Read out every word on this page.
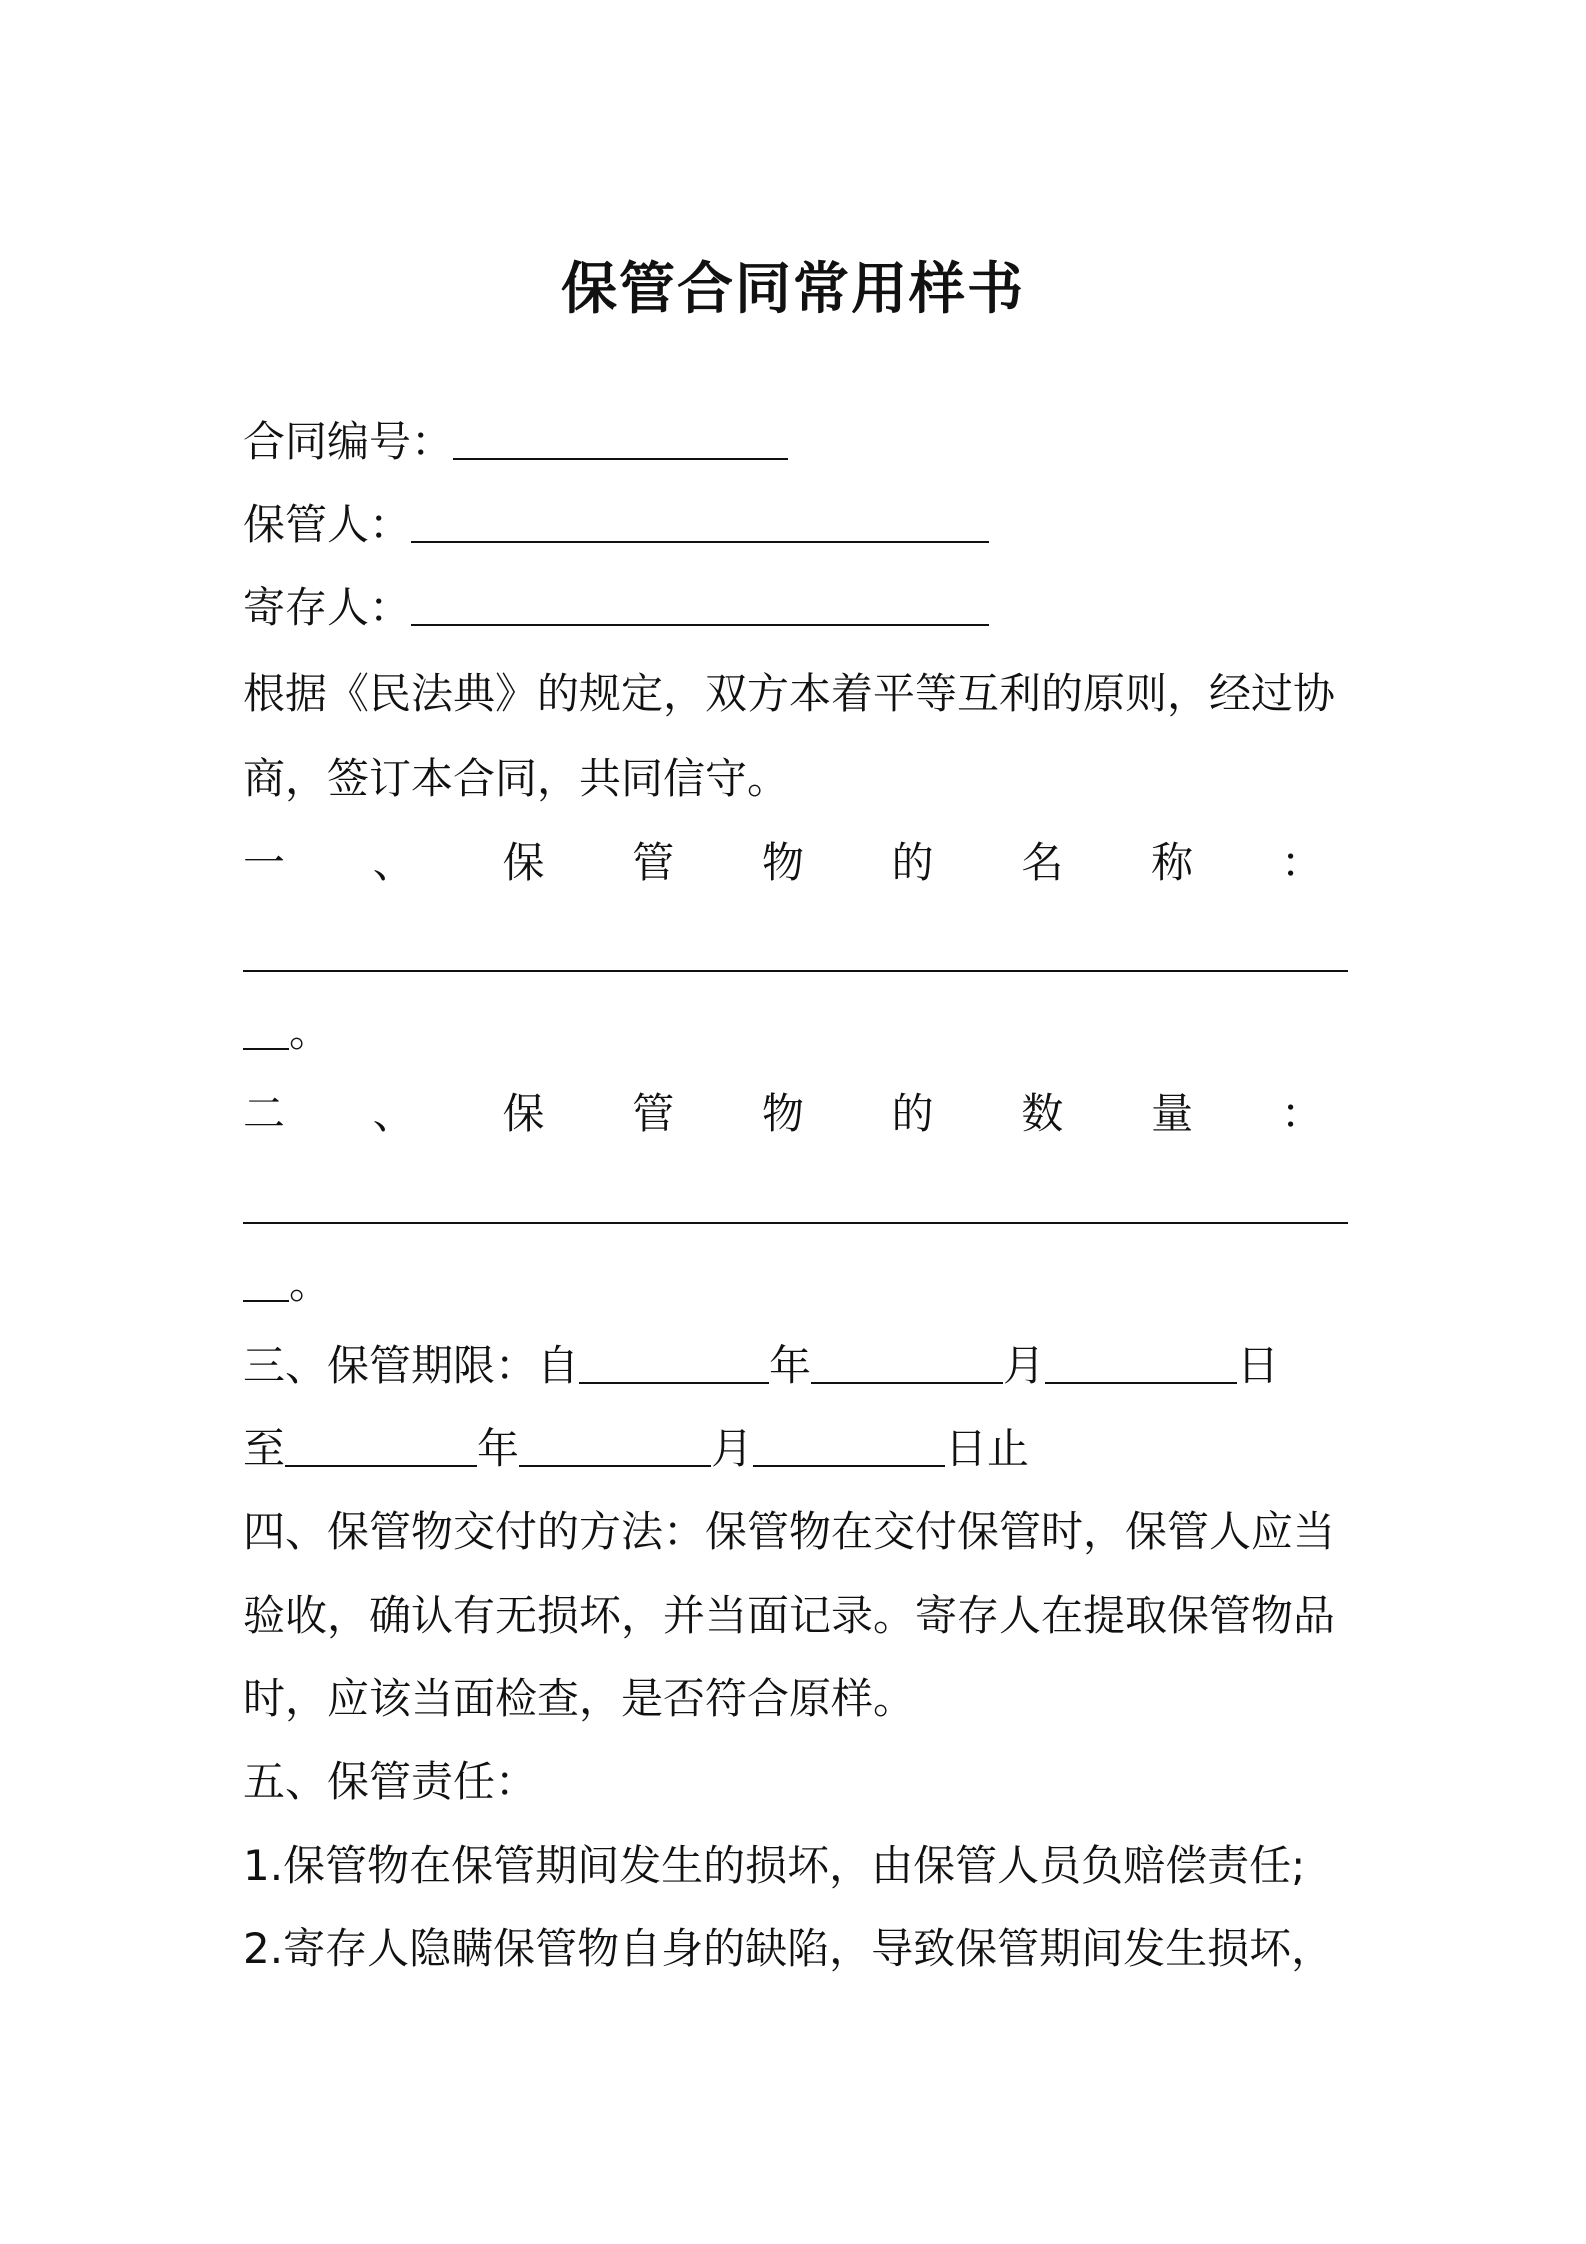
保管合同常用样书
合同编号：
保管人：
寄存人：
根据《民法典》的规定，双方本着平等互利的原则，经过协
商，签订本合同，共同信守。
一 、 保 管 物 的 名 称 ：
。
二 、 保 管 物 的 数 量 ：
。
三、保管期限：自	年	月	日
至	年	月	日止
四、保管物交付的方法：保管物在交付保管时，保管人应当
验收，确认有无损坏，并当面记录。寄存人在提取保管物品
时，应该当面检查，是否符合原样。
五、保管责任：
1.保管物在保管期间发生的损坏，由保管人员负赔偿责任;
2.寄存人隐瞒保管物自身的缺陷，导致保管期间发生损坏，
